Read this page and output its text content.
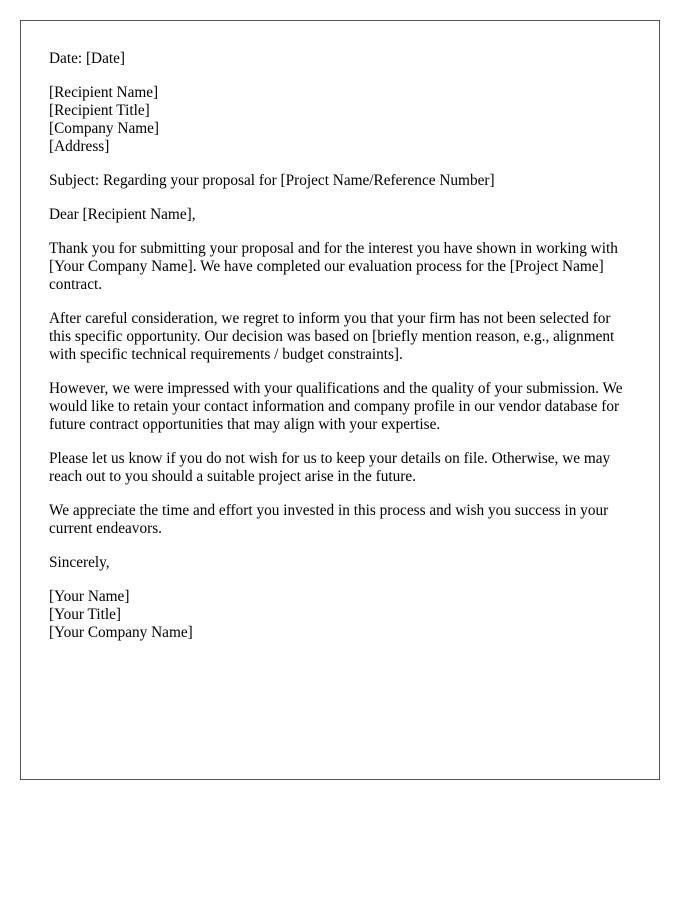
Date: [Date]

[Recipient Name]
[Recipient Title]
[Company Name]
[Address]

Subject: Regarding your proposal for [Project Name/Reference Number]

Dear [Recipient Name],

Thank you for submitting your proposal and for the interest you have shown in working with [Your Company Name]. We have completed our evaluation process for the [Project Name] contract.

After careful consideration, we regret to inform you that your firm has not been selected for this specific opportunity. Our decision was based on [briefly mention reason, e.g., alignment with specific technical requirements / budget constraints].

However, we were impressed with your qualifications and the quality of your submission. We would like to retain your contact information and company profile in our vendor database for future contract opportunities that may align with your expertise.

Please let us know if you do not wish for us to keep your details on file. Otherwise, we may reach out to you should a suitable project arise in the future.

We appreciate the time and effort you invested in this process and wish you success in your current endeavors.

Sincerely,

[Your Name]
[Your Title]
[Your Company Name]
